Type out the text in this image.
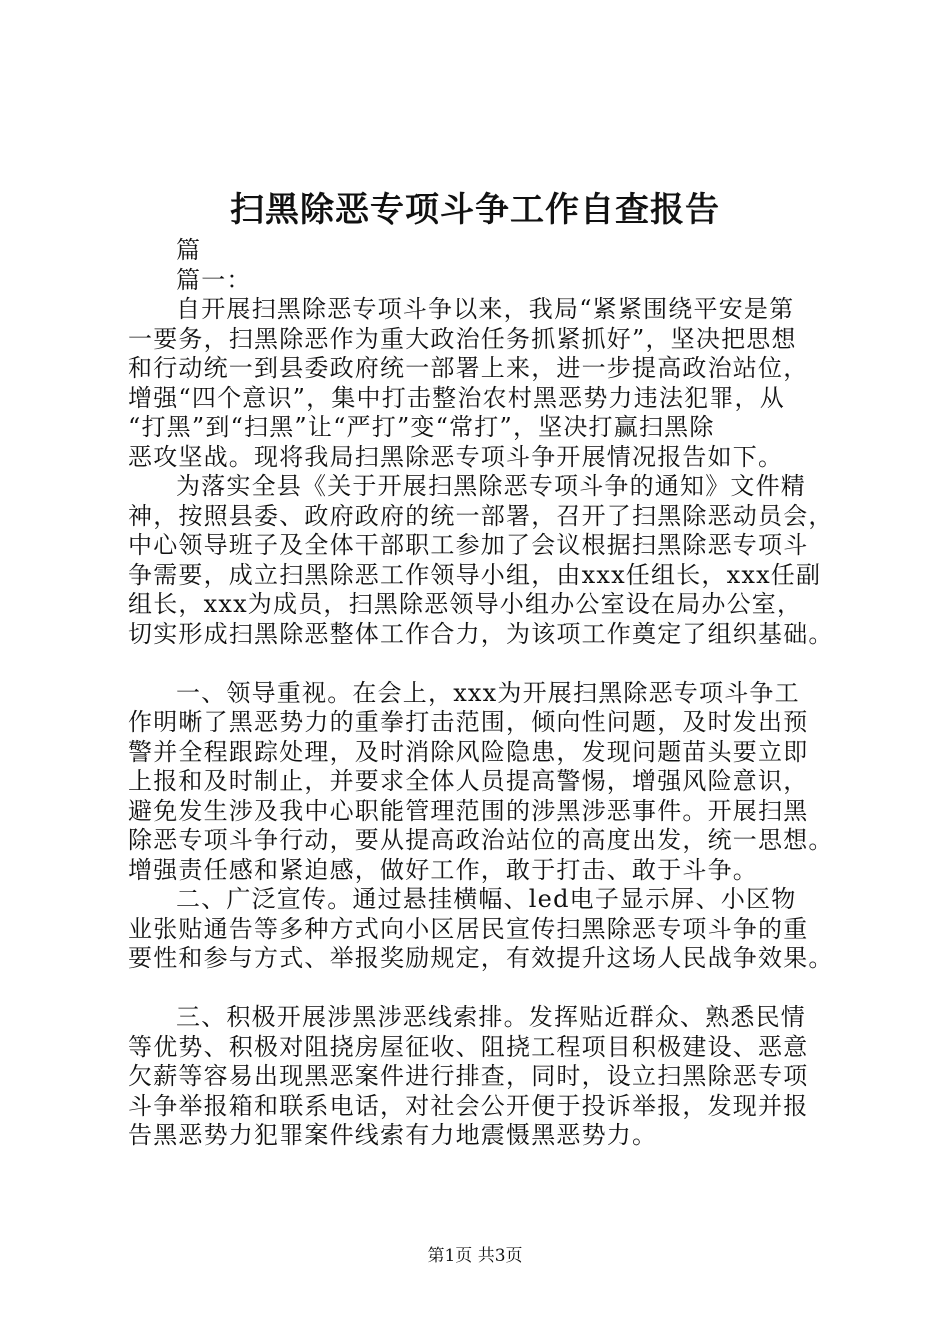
扫黑除恶专项斗争工作自查报告
篇
篇一：
自开展扫黑除恶专项斗争以来，我局“紧紧围绕平安是第
一要务，扫黑除恶作为重大政治任务抓紧抓好”，坚决把思想
和行动统一到县委政府统一部署上来，进一步提高政治站位，
增强“四个意识”，集中打击整治农村黑恶势力违法犯罪，从
“打黑”到“扫黑”让“严打”变“常打”，坚决打赢扫黑除
恶攻坚战。现将我局扫黑除恶专项斗争开展情况报告如下。
为落实全县《关于开展扫黑除恶专项斗争的通知》文件精
神，按照县委、政府政府的统一部署，召开了扫黑除恶动员会，
中心领导班子及全体干部职工参加了会议根据扫黑除恶专项斗
争需要，成立扫黑除恶工作领导小组，由xxx任组长，xxx任副
组长，xxx为成员，扫黑除恶领导小组办公室设在局办公室，
切实形成扫黑除恶整体工作合力，为该项工作奠定了组织基础。
一、领导重视。在会上，xxx为开展扫黑除恶专项斗争工
作明晰了黑恶势力的重拳打击范围，倾向性问题，及时发出预
警并全程跟踪处理，及时消除风险隐患，发现问题苗头要立即
上报和及时制止，并要求全体人员提高警惕，增强风险意识，
避免发生涉及我中心职能管理范围的涉黑涉恶事件。开展扫黑
除恶专项斗争行动，要从提高政治站位的高度出发，统一思想。
增强责任感和紧迫感，做好工作，敢于打击、敢于斗争。
二、广泛宣传。通过悬挂横幅、led电子显示屏、小区物
业张贴通告等多种方式向小区居民宣传扫黑除恶专项斗争的重
要性和参与方式、举报奖励规定，有效提升这场人民战争效果。
三、积极开展涉黑涉恶线索排。发挥贴近群众、熟悉民情
等优势、积极对阻挠房屋征收、阻挠工程项目积极建设、恶意
欠薪等容易出现黑恶案件进行排查，同时，设立扫黑除恶专项
斗争举报箱和联系电话，对社会公开便于投诉举报，发现并报
告黑恶势力犯罪案件线索有力地震慑黑恶势力。
第1页 共3页
